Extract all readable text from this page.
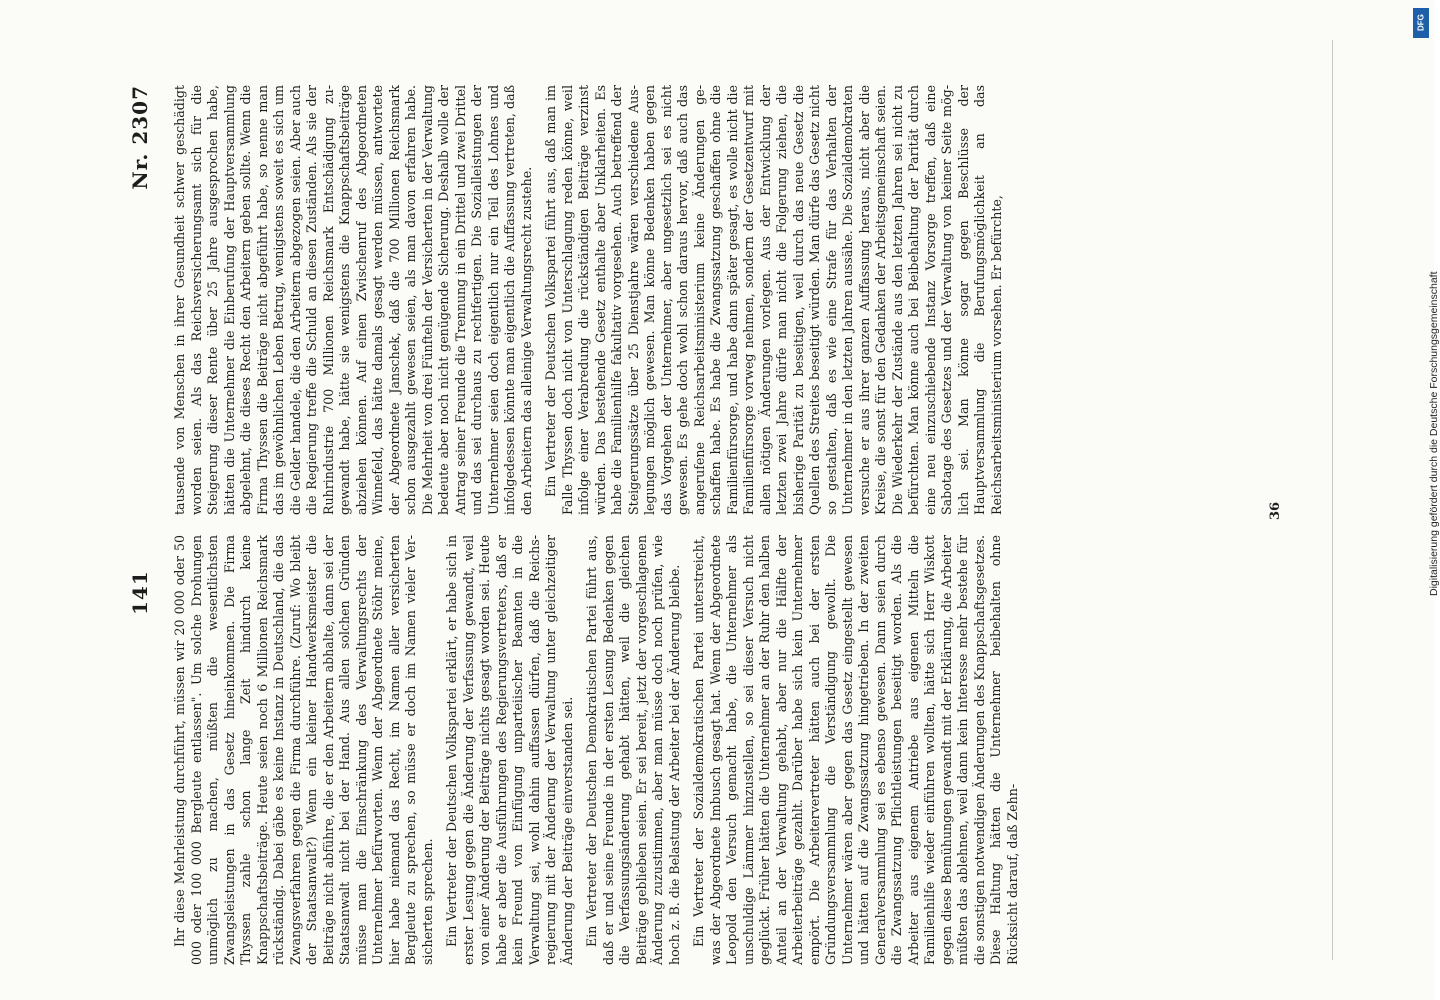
141
Nr. 2307

Ihr diese Mehrleistung durchführt, müssen wir 20 000 oder 50 000 oder 100 000 Bergleute entlassen". Um solche Drohungen unmöglich zu machen, müßten die wesentlichsten Zwangsleistungen in das Gesetz hineinkommen. Die Firma Thyssen zahle schon lange Zeit hindurch keine Knappschaftsbeiträge. Heute seien noch 6 Millionen Reichsmark rückständig. Dabei gäbe es keine Instanz in Deutschland, die das Zwangsverfahren gegen die Firma durchführe. (Zuruf: Wo bleibt der Staatsanwalt?) Wenn ein kleiner Handwerksmeister die Beiträge nicht abführe, die er den Arbeitern abhalte, dann sei der Staatsanwalt nicht bei der Hand. Aus allen solchen Gründen müsse man die Einschränkung des Verwaltungsrechts der Unternehmer befürworten. Wenn der Abgeordnete Stöhr meine, hier habe niemand das Recht, im Namen aller versicherten Bergleute zu sprechen, so müsse er doch im Namen vieler Versicherten sprechen. Ein Vertreter der Deutschen Volkspartei erklärt, er habe sich in erster Lesung gegen die Änderung der Verfassung gewandt, weil von einer Änderung der Beiträge nichts gesagt worden sei. Heute habe er aber die Ausführungen des Regierungsvertreters, daß er kein Freund von Einfügung unparteiischer Beamten in die Verwaltung sei, wohl dahin auffassen dürfen, daß die Reichsregierung mit der Änderung der Verwaltung unter gleichzeitiger Änderung der Beiträge einverstanden sei. Ein Vertreter der Deutschen Demokratischen Partei führt aus, daß er und seine Freunde in der ersten Lesung Bedenken gegen die Verfassungsänderung gehabt hätten, weil die gleichen Beiträge geblieben seien. Er sei bereit, jetzt der vorgeschlagenen Änderung zuzustimmen, aber man müsse doch noch prüfen, wie hoch z. B. die Belastung der Arbeiter bei der Änderung bleibe. Ein Vertreter der Sozialdemokratischen Partei unterstreicht, was der Abgeordnete Imbusch gesagt hat. Wenn der Abgeordnete Leopold den Versuch gemacht habe, die Unternehmer als unschuldige Lämmer hinzustellen, so sei dieser Versuch nicht geglückt. Früher hätten die Unternehmer an der Ruhr den halben Anteil an der Verwaltung gehabt, aber nur die Hälfte der Arbeiterbeiträge gezahlt. Darüber habe sich kein Unternehmer empört. Die Arbeitervertreter hätten auch bei der ersten Gründungsversammlung die Verständigung gewollt. Die Unternehmer wären aber gegen das Gesetz eingestellt gewesen und hätten auf die Zwangssatzung hingetrieben. In der zweiten Generalversammlung sei es ebenso gewesen. Dann seien durch die Zwangssatzung Pflichtleistungen beseitigt worden. Als die Arbeiter aus eigenem Antriebe aus eigenen Mitteln die Familienhilfe wieder einführen wollten, hätte sich Herr Wiskott gegen diese Bemühungen gewandt mit der Erklärung, die Arbeiter müßten das ablehnen, weil dann kein Interesse mehr bestehe für die sonstigen notwendigen Änderungen des Knappschaftsgesetzes. Diese Haltung hätten die Unternehmer beibehalten ohne Rücksicht darauf, daß Zehn-

tausende von Menschen in ihrer Gesundheit schwer geschädigt worden seien. Als das Reichsversicherungsamt sich für die Steigerung dieser Rente über 25 Jahre ausgesprochen habe, hätten die Unternehmer die Einberufung der Hauptversammlung abgelehnt, die dieses Recht den Arbeitern geben sollte. Wenn die Firma Thyssen die Beiträge nicht abgeführt habe, so nenne man das im gewöhnlichen Leben Betrug, wenigstens soweit es sich um die Gelder handele, die den Arbeitern abgezogen seien. Aber auch die Regierung treffe die Schuld an diesen Zuständen. Als sie der Ruhrindustrie 700 Millionen Reichsmark Entschädigung zugewandt habe, hätte sie wenigstens die Knappschaftsbeiträge abziehen können. Auf einen Zwischenruf des Abgeordneten Winnefeld, das hätte damals gesagt werden müssen, antwortete der Abgeordnete Janschek, daß die 700 Millionen Reichsmark schon ausgezahlt gewesen seien, als man davon erfahren habe. Die Mehrheit von drei Fünfteln der Versicherten in der Verwaltung bedeute aber noch nicht genügende Sicherung. Deshalb wolle der Antrag seiner Freunde die Trennung in ein Drittel und zwei Drittel und das sei durchaus zu rechtfertigen. Die Sozialleistungen der Unternehmer seien doch eigentlich nur ein Teil des Lohnes und infolgedessen könnte man eigentlich die Auffassung vertreten, daß den Arbeitern das alleinige Verwaltungsrecht zustehe. Ein Vertreter der Deutschen Volkspartei führt aus, daß man im Falle Thyssen doch nicht von Unterschlagung reden könne, weil infolge einer Verabredung die rückständigen Beiträge verzinst würden. Das bestehende Gesetz enthalte aber Unklarheiten. Es habe die Familienhilfe fakultativ vorgesehen. Auch betreffend der Steigerungssätze über 25 Dienstjahre wären verschiedene Auslegungen möglich gewesen. Man könne Bedenken haben gegen das Vorgehen der Unternehmer, aber ungesetzlich sei es nicht gewesen. Es gehe doch wohl schon daraus hervor, daß auch das angerufene Reichsarbeitsministerium keine Änderungen geschaffen habe. Es habe die Zwangssatzung geschaffen ohne die Familienfürsorge, und habe dann später gesagt, es wolle nicht die Familienfürsorge vorweg nehmen, sondern der Gesetzentwurf mit allen nötigen Änderungen vorlegen. Aus der Entwicklung der letzten zwei Jahre dürfe man nicht die Folgerung ziehen, die bisherige Parität zu beseitigen, weil durch das neue Gesetz die Quellen des Streites beseitigt würden. Man dürfe das Gesetz nicht so gestalten, daß es wie eine Strafe für das Verhalten der Unternehmer in den letzten Jahren aussähe. Die Sozialdemokraten versuche er aus ihrer ganzen Auffassung heraus, nicht aber die Kreise, die sonst für den Gedanken der Arbeitsgemeinschaft seien. Die Wiederkehr der Zustände aus den letzten Jahren sei nicht zu befürchten. Man könne auch bei Beibehaltung der Parität durch eine neu einzuschiebende Instanz Vorsorge treffen, daß eine Sabotage des Gesetzes und der Verwaltung von keiner Seite möglich sei. Man könne sogar gegen Beschlüsse der Hauptversammlung die Berufungsmöglichkeit an das Reichsarbeitsministerium vorsehen. Er befürchte,	36
DFG
Digitalisierung gefördert durch die Deutsche Forschungsgemeinschaft
